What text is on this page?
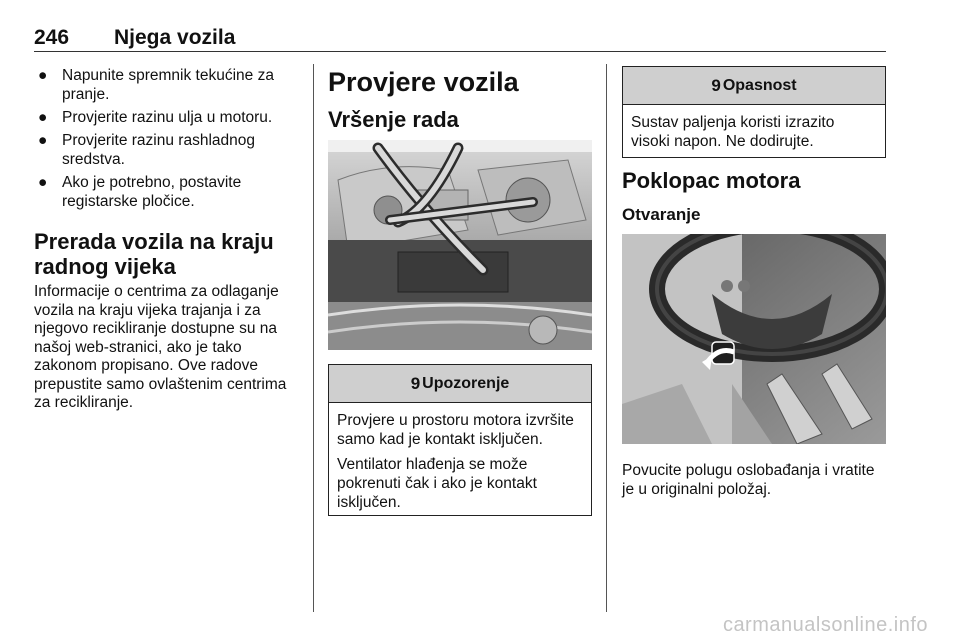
246 Njega vozila
● Napunite spremnik tekućine za pranje.
● Provjerite razinu ulja u motoru.
● Provjerite razinu rashladnog sredstva.
● Ako je potrebno, postavite registarske pločice.
Prerada vozila na kraju radnog vijeka
Informacije o centrima za odlaganje vozila na kraju vijeka trajanja i za njegovo recikliranje dostupne su na našoj web-stranici, ako je tako zakonom propisano. Ove radove prepustite samo ovlaštenim centrima za recikliranje.
Provjere vozila
Vršenje rada
9 Upozorenje

Provjere u prostoru motora izvršite samo kad je kontakt isključen.

Ventilator hlađenja se može pokrenuti čak i ako je kontakt isključen.

9 Opasnost
Sustav paljenja koristi izrazito visoki napon. Ne dodirujte.
Poklopac motora
Otvaranje
Povucite polugu oslobađanja i vratite je u originalni položaj.
carmanualsonline.info
